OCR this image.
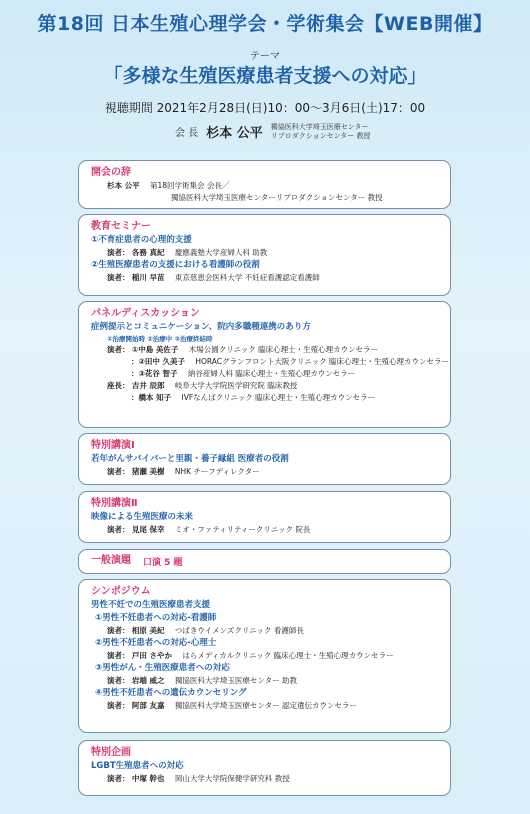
第18回 日本生殖心理学会・学術集会【WEB開催】
テーマ
「多様な生殖医療患者支援への対応」
視聴期間 2021年2月28日(日)10：00～3月6日(土)17：00
会 長 杉本 公平 獨協医科大学埼玉医療センター
リプロダクションセンター 教授
開会の辞
杉本 公平 第18回学術集会 会長／
獨協医科大学埼玉医療センターリプロダクションセンター 教授
教育セミナー
①不育症患者の心理的支援
演者： 各務 真紀 慶應義塾大学産婦人科 助教
②生殖医療患者の支援における看護師の役割
演者： 稲川 早苗 東京慈恵会医科大学 不妊症看護認定看護師
パネルディスカッション
症例提示とコミュニケーション、院内多職種連携のあり方
①治療開始時 ②治療中 ③治療終結時
演者： ①中島 美佐子 木場公園クリニック 臨床心理士・生殖心理カウンセラー
：②田中 久美子 HORACグランフロント大阪クリニック 臨床心理士・生殖心理カウンセラー
：③花谷 智子 納谷産婦人科 臨床心理士・生殖心理カウンセラー
座長： 吉井 辰郎 岐阜大学大学院医学研究院 臨床教授
：橋本 知子 IVFなんばクリニック 臨床心理士・生殖心理カウンセラー
特別講演Ⅰ
若年がんサバイバーと里親・養子縁組 医療者の役割
演者： 猪瀬 美樹 NHK チーフディレクター
特別講演Ⅱ
映像による生殖医療の未来
演者： 見尾 保幸 ミオ・ファティリティークリニック 院長
一般演題 口演 5 題
シンポジウム
男性不妊での生殖医療患者支援
①男性不妊患者への対応-看護師
演者： 相原 美紀 つばきウイメンズクリニック 看護師長
②男性不妊患者への対応-心理士
演者： 戸田 さやか はらメディカルクリニック 臨床心理士・生殖心理カウンセラー
③男性がん・生殖医療患者への対応
演者： 岩端 威之 獨協医科大学埼玉医療センター 助教
④男性不妊患者への遺伝カウンセリング
演者： 阿部 友嘉 獨協医科大学埼玉医療センター 認定遺伝カウンセラー
特別企画
LGBT生殖患者への対応
演者： 中塚 幹也 岡山大学大学院保健学研究科 教授
